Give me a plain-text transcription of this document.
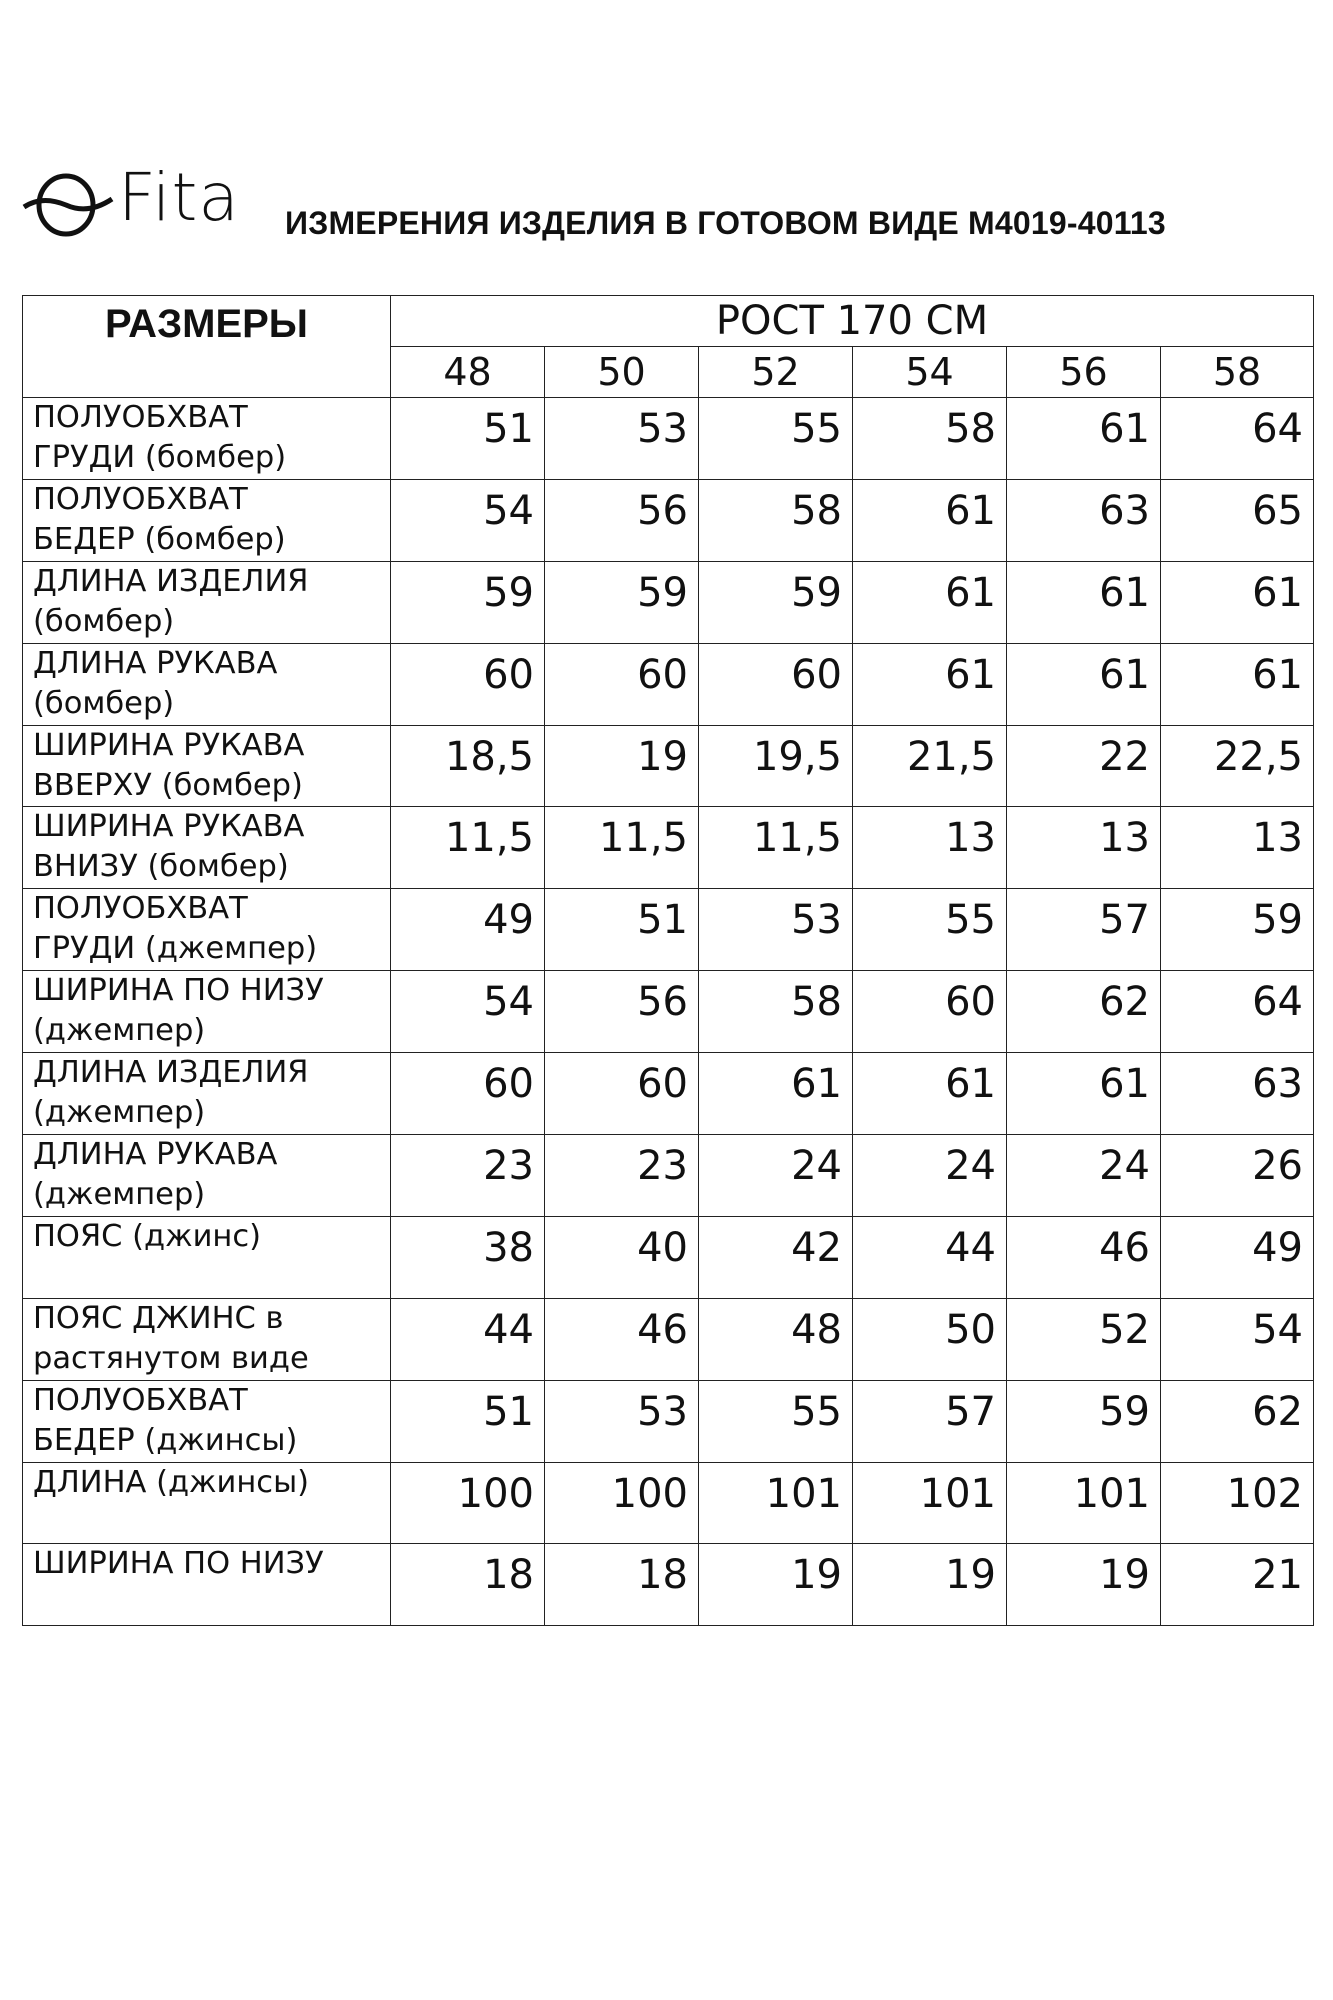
Fita ИЗМЕРЕНИЯ ИЗДЕЛИЯ В ГОТОВОМ ВИДЕ М4019-40113
РАЗМЕРЫ	РОСТ 170 СМ					
	48	50	52	54	56	58
ПОЛУОБХВАТ
ГРУДИ (бомбер)	51	53	55	58	61	64
ПОЛУОБХВАТ
БЕДЕР (бомбер)	54	56	58	61	63	65
ДЛИНА ИЗДЕЛИЯ
(бомбер)	59	59	59	61	61	61
ДЛИНА РУКАВА
(бомбер)	60	60	60	61	61	61
ШИРИНА РУКАВА
ВВЕРХУ (бомбер)	18,5	19	19,5	21,5	22	22,5
ШИРИНА РУКАВА
ВНИЗУ (бомбер)	11,5	11,5	11,5	13	13	13
ПОЛУОБХВАТ
ГРУДИ (джемпер)	49	51	53	55	57	59
ШИРИНА ПО НИЗУ
(джемпер)	54	56	58	60	62	64
ДЛИНА ИЗДЕЛИЯ
(джемпер)	60	60	61	61	61	63
ДЛИНА РУКАВА
(джемпер)	23	23	24	24	24	26
ПОЯС (джинс)	38	40	42	44	46	49
ПОЯС ДЖИНС в
растянутом виде	44	46	48	50	52	54
ПОЛУОБХВАТ
БЕДЕР (джинсы)	51	53	55	57	59	62
ДЛИНА (джинсы)	100	100	101	101	101	102
ШИРИНА ПО НИЗУ	18	18	19	19	19	21
